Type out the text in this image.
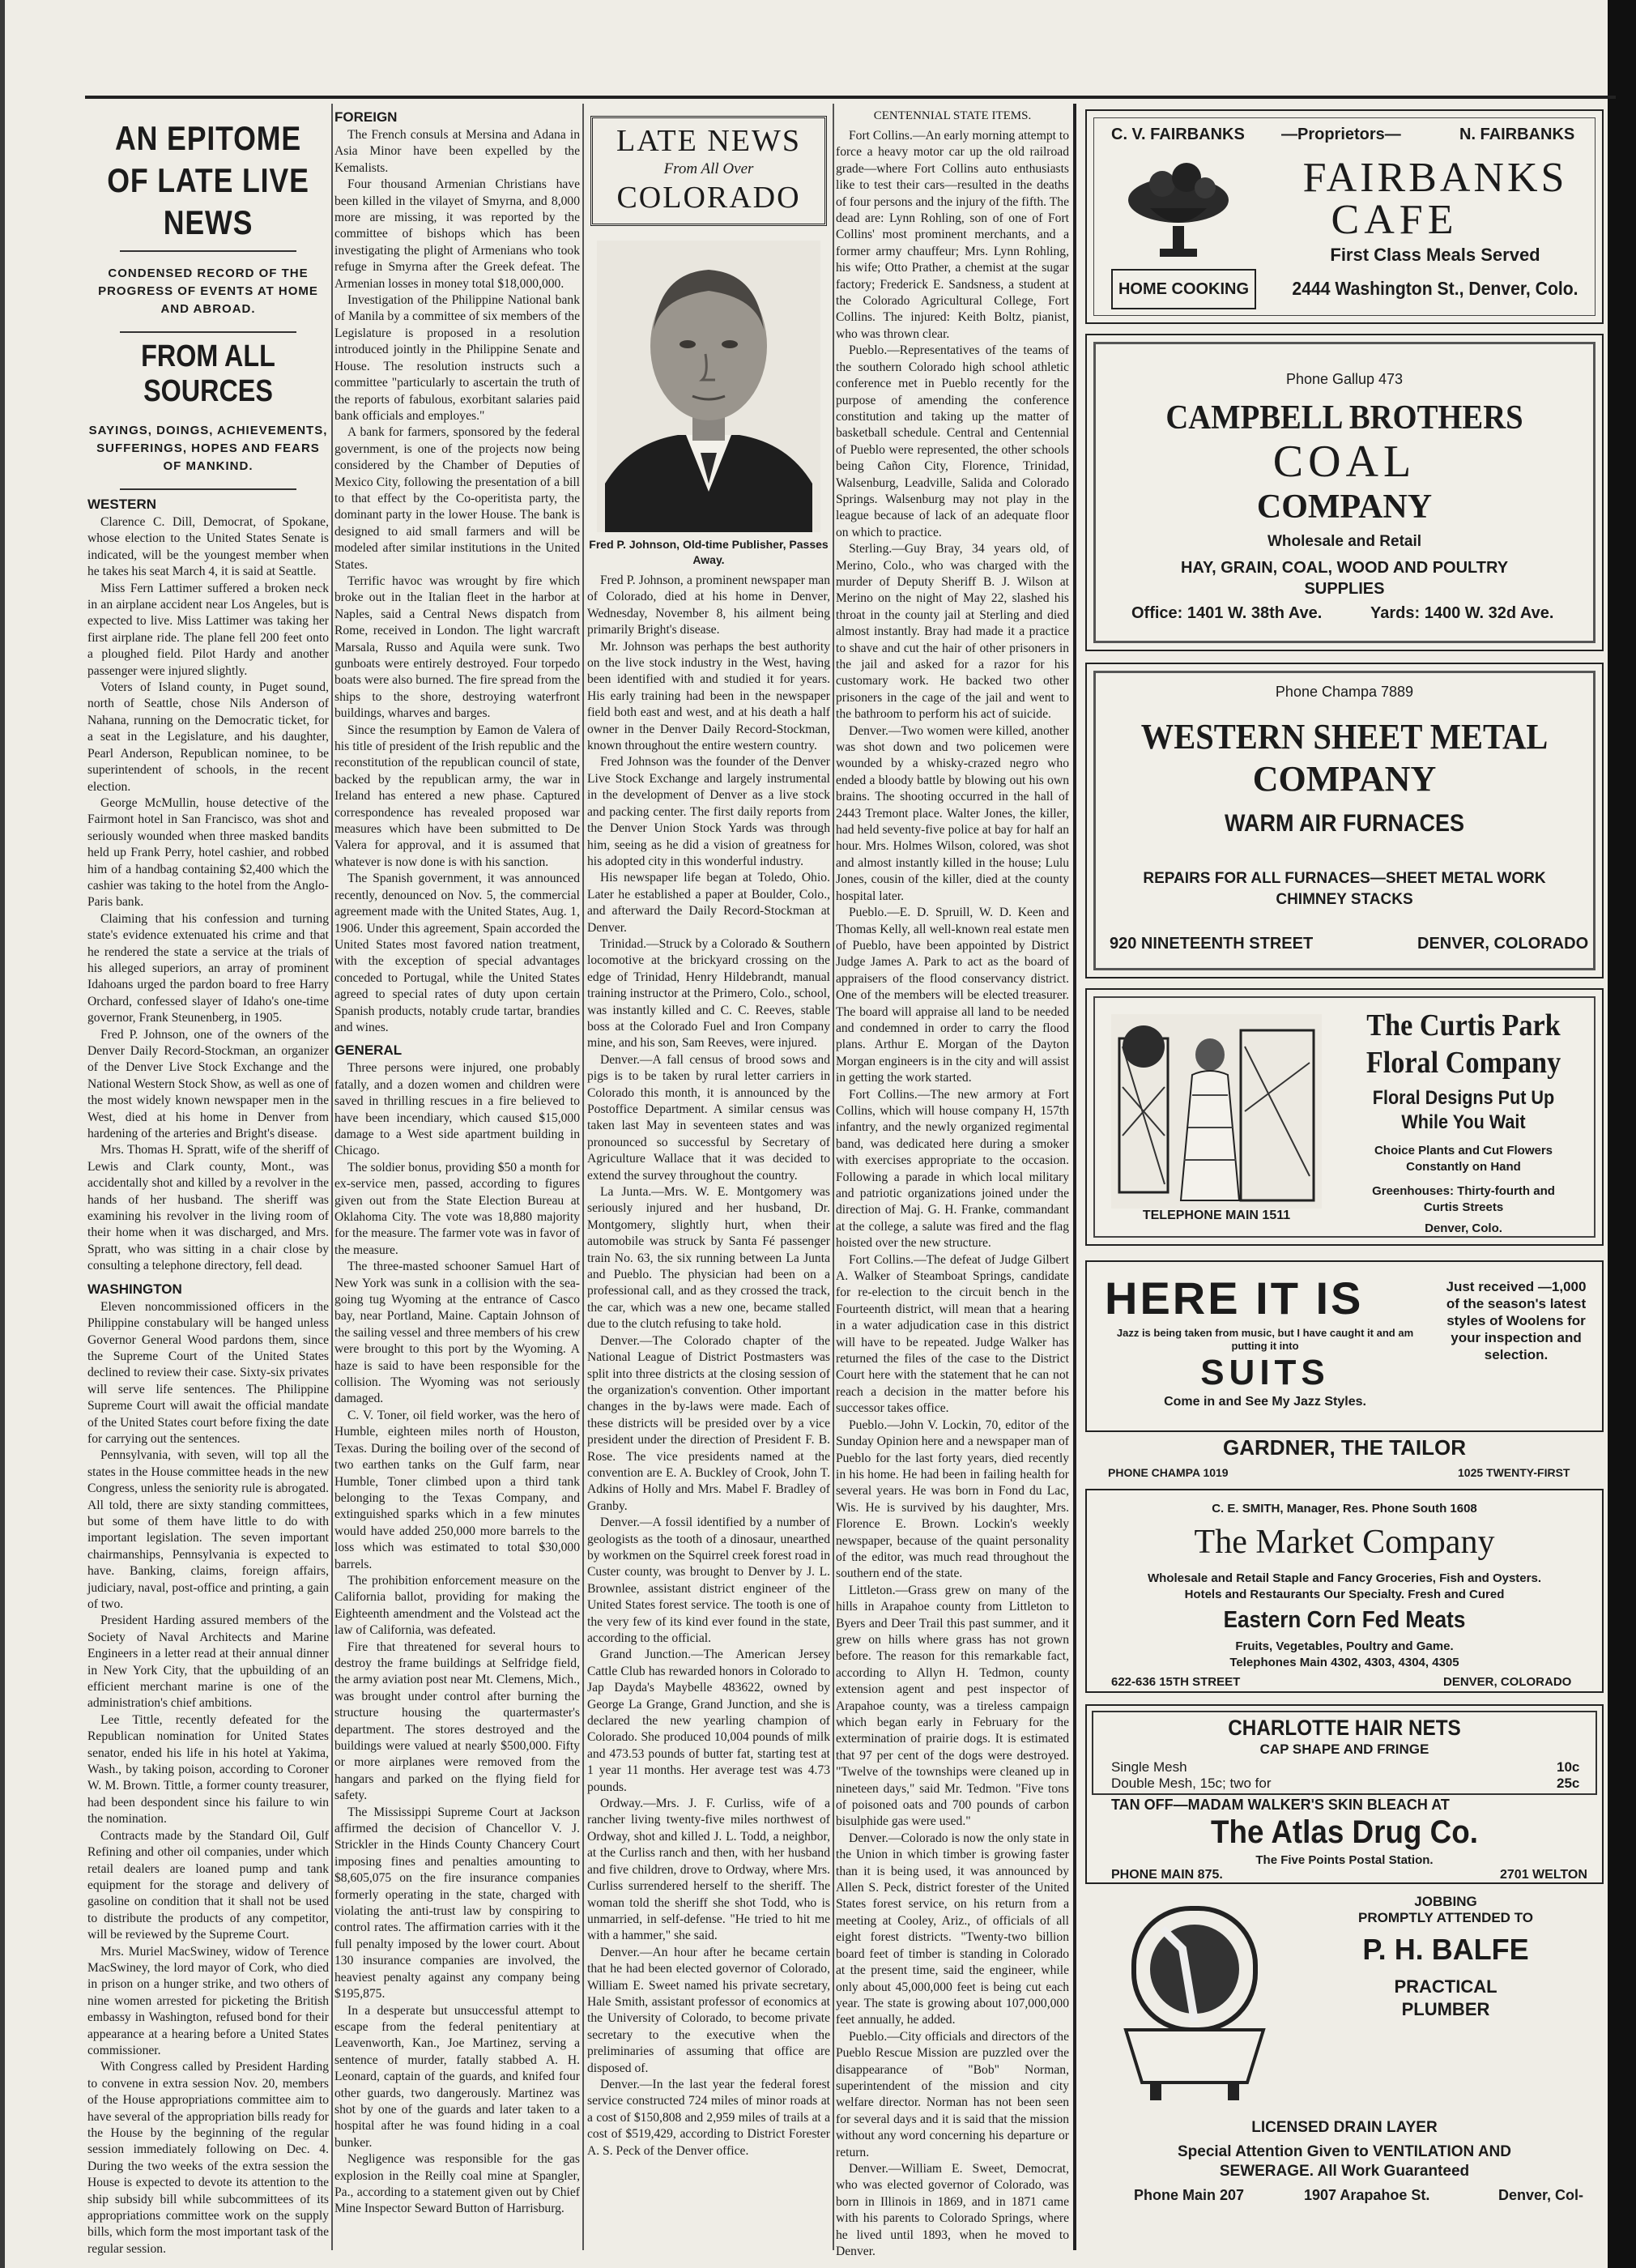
AN EPITOME OF LATE LIVE NEWS
CONDENSED RECORD OF THE PROGRESS OF EVENTS AT HOME AND ABROAD.
FROM ALL SOURCES
SAYINGS, DOINGS, ACHIEVEMENTS, SUFFERINGS, HOPES AND FEARS OF MANKIND.
WESTERN

Clarence C. Dill, Democrat, of Spokane, whose election to the United States Senate is indicated, will be the youngest member when he takes his seat March 4, it is said at Seattle.

Miss Fern Lattimer suffered a broken neck in an airplane accident near Los Angeles, but is expected to live. Miss Lattimer was taking her first airplane ride. The plane fell 200 feet onto a ploughed field. Pilot Hardy and another passenger were injured slightly.

Voters of Island county, in Puget sound, north of Seattle, chose Nils Anderson of Nahana, running on the Democratic ticket, for a seat in the Legislature, and his daughter, Pearl Anderson, Republican nominee, to be superintendent of schools, in the recent election.

George McMullin, house detective of the Fairmont hotel in San Francisco, was shot and seriously wounded when three masked bandits held up Frank Perry, hotel cashier, and robbed him of a handbag containing $2,400 which the cashier was taking to the hotel from the Anglo-Paris bank.

Claiming that his confession and turning state's evidence extenuated his crime and that he rendered the state a service at the trials of his alleged superiors, an array of prominent Idahoans urged the pardon board to free Harry Orchard, confessed slayer of Idaho's one-time governor, Frank Steunenberg, in 1905.

Fred P. Johnson, one of the owners of the Denver Daily Record-Stockman, an organizer of the Denver Live Stock Exchange and the National Western Stock Show, as well as one of the most widely known newspaper men in the West, died at his home in Denver from hardening of the arteries and Bright's disease.

Mrs. Thomas H. Spratt, wife of the sheriff of Lewis and Clark county, Mont., was accidentally shot and killed by a revolver in the hands of her husband. The sheriff was examining his revolver in the living room of their home when it was discharged, and Mrs. Spratt, who was sitting in a chair close by consulting a telephone directory, fell dead.

WASHINGTON

Eleven noncommissioned officers in the Philippine constabulary will be hanged unless Governor General Wood pardons them, since the Supreme Court of the United States declined to review their case. Sixty-six privates will serve life sentences. The Philippine Supreme Court will await the official mandate of the United States court before fixing the date for carrying out the sentences.

Pennsylvania, with seven, will top all the states in the House committee heads in the new Congress, unless the seniority rule is abrogated. All told, there are sixty standing committees, but some of them have little to do with important legislation. The seven important chairmanships, Pennsylvania is expected to have. Banking, claims, foreign affairs, judiciary, naval, post-office and printing, a gain of two.

President Harding assured members of the Society of Naval Architects and Marine Engineers in a letter read at their annual dinner in New York City, that the upbuilding of an efficient merchant marine is one of the administration's chief ambitions.

Lee Tittle, recently defeated for the Republican nomination for United States senator, ended his life in his hotel at Yakima, Wash., by taking poison, according to Coroner W. M. Brown. Tittle, a former county treasurer, had been despondent since his failure to win the nomination.

Contracts made by the Standard Oil, Gulf Refining and other oil companies, under which retail dealers are loaned pump and tank equipment for the storage and delivery of gasoline on condition that it shall not be used to distribute the products of any competitor, will be reviewed by the Supreme Court.

Mrs. Muriel MacSwiney, widow of Terence MacSwiney, the lord mayor of Cork, who died in prison on a hunger strike, and two others of nine women arrested for picketing the British embassy in Washington, refused bond for their appearance at a hearing before a United States commissioner.

With Congress called by President Harding to convene in extra session Nov. 20, members of the House appropriations committee aim to have several of the appropriation bills ready for the House by the beginning of the regular session immediately following on Dec. 4. During the two weeks of the extra session the House is expected to devote its attention to the ship subsidy bill while subcommittees of its appropriations committee work on the supply bills, which form the most important task of the regular session.

FOREIGN

The French consuls at Mersina and Adana in Asia Minor have been expelled by the Kemalists.

Four thousand Armenian Christians have been killed in the vilayet of Smyrna, and 8,000 more are missing, it was reported by the committee of bishops which has been investigating the plight of Armenians who took refuge in Smyrna after the Greek defeat. The Armenian losses in money total $18,000,000.

Investigation of the Philippine National bank of Manila by a committee of six members of the Legislature is proposed in a resolution introduced jointly in the Philippine Senate and House. The resolution instructs such a committee "particularly to ascertain the truth of the reports of fabulous, exorbitant salaries paid bank officials and employes."

A bank for farmers, sponsored by the federal government, is one of the projects now being considered by the Chamber of Deputies of Mexico City, following the presentation of a bill to that effect by the Co-operitista party, the dominant party in the lower House. The bank is designed to aid small farmers and will be modeled after similar institutions in the United States.

Terrific havoc was wrought by fire which broke out in the Italian fleet in the harbor at Naples, said a Central News dispatch from Rome, received in London. The light warcraft Marsala, Russo and Aquila were sunk. Two gunboats were entirely destroyed. Four torpedo boats were also burned. The fire spread from the ships to the shore, destroying waterfront buildings, wharves and barges.

Since the resumption by Eamon de Valera of his title of president of the Irish republic and the reconstitution of the republican council of state, backed by the republican army, the war in Ireland has entered a new phase. Captured correspondence has revealed proposed war measures which have been submitted to De Valera for approval, and it is assumed that whatever is now done is with his sanction.

The Spanish government, it was announced recently, denounced on Nov. 5, the commercial agreement made with the United States, Aug. 1, 1906. Under this agreement, Spain accorded the United States most favored nation treatment, with the exception of special advantages conceded to Portugal, while the United States agreed to special rates of duty upon certain Spanish products, notably crude tartar, brandies and wines.

GENERAL

Three persons were injured, one probably fatally, and a dozen women and children were saved in thrilling rescues in a fire believed to have been incendiary, which caused $15,000 damage to a West side apartment building in Chicago.

The soldier bonus, providing $50 a month for ex-service men, passed, according to figures given out from the State Election Bureau at Oklahoma City. The vote was 18,880 majority for the measure. The farmer vote was in favor of the measure.

The three-masted schooner Samuel Hart of New York was sunk in a collision with the sea-going tug Wyoming at the entrance of Casco bay, near Portland, Maine. Captain Johnson of the sailing vessel and three members of his crew were brought to this port by the Wyoming. A haze is said to have been responsible for the collision. The Wyoming was not seriously damaged.

C. V. Toner, oil field worker, was the hero of Humble, eighteen miles north of Houston, Texas. During the boiling over of the second of two earthen tanks on the Gulf farm, near Humble, Toner climbed upon a third tank belonging to the Texas Company, and extinguished sparks which in a few minutes would have added 250,000 more barrels to the loss which was estimated to total $30,000 barrels.

The prohibition enforcement measure on the California ballot, providing for making the Eighteenth amendment and the Volstead act the law of California, was defeated.

Fire that threatened for several hours to destroy the frame buildings at Selfridge field, the army aviation post near Mt. Clemens, Mich., was brought under control after burning the structure housing the quartermaster's department. The stores destroyed and the buildings were valued at nearly $500,000. Fifty or more airplanes were removed from the hangars and parked on the flying field for safety.

The Mississippi Supreme Court at Jackson affirmed the decision of Chancellor V. J. Strickler in the Hinds County Chancery Court imposing fines and penalties amounting to $8,605,075 on the fire insurance companies formerly operating in the state, charged with violating the anti-trust law by conspiring to control rates. The affirmation carries with it the full penalty imposed by the lower court. About 130 insurance companies are involved, the heaviest penalty against any company being $195,875.

In a desperate but unsuccessful attempt to escape from the federal penitentiary at Leavenworth, Kan., Joe Martinez, serving a sentence of murder, fatally stabbed A. H. Leonard, captain of the guards, and knifed four other guards, two dangerously. Martinez was shot by one of the guards and later taken to a hospital after he was found hiding in a coal bunker.

Negligence was responsible for the gas explosion in the Reilly coal mine at Spangler, Pa., according to a statement given out by Chief Mine Inspector Seward Button of Harrisburg.

LATE NEWS
From All Over
COLORADO
Fred P. Johnson, Old-time Publisher, Passes Away.

Fred P. Johnson, a prominent newspaper man of Colorado, died at his home in Denver, Wednesday, November 8, his ailment being primarily Bright's disease.

Mr. Johnson was perhaps the best authority on the live stock industry in the West, having been identified with and studied it for years. His early training had been in the newspaper field both east and west, and at his death a half owner in the Denver Daily Record-Stockman, known throughout the entire western country.

Fred Johnson was the founder of the Denver Live Stock Exchange and largely instrumental in the development of Denver as a live stock and packing center. The first daily reports from the Denver Union Stock Yards was through him, seeing as he did a vision of greatness for his adopted city in this wonderful industry.

His newspaper life began at Toledo, Ohio. Later he established a paper at Boulder, Colo., and afterward the Daily Record-Stockman at Denver.

Trinidad.—Struck by a Colorado & Southern locomotive at the brickyard crossing on the edge of Trinidad, Henry Hildebrandt, manual training instructor at the Primero, Colo., school, was instantly killed and C. C. Reeves, stable boss at the Colorado Fuel and Iron Company mine, and his son, Sam Reeves, were injured.

Denver.—A fall census of brood sows and pigs is to be taken by rural letter carriers in Colorado this month, it is announced by the Postoffice Department. A similar census was taken last May in seventeen states and was pronounced so successful by Secretary of Agriculture Wallace that it was decided to extend the survey throughout the country.

La Junta.—Mrs. W. E. Montgomery was seriously injured and her husband, Dr. Montgomery, slightly hurt, when their automobile was struck by Santa Fé passenger train No. 63, the six running between La Junta and Pueblo. The physician had been on a professional call, and as they crossed the track, the car, which was a new one, became stalled due to the clutch refusing to take hold.

Denver.—The Colorado chapter of the National League of District Postmasters was split into three districts at the closing session of the organization's convention. Other important changes in the by-laws were made. Each of these districts will be presided over by a vice president under the direction of President F. B. Rose. The vice presidents named at the convention are E. A. Buckley of Crook, John T. Adkins of Holly and Mrs. Mabel F. Bradley of Granby.

Denver.—A fossil identified by a number of geologists as the tooth of a dinosaur, unearthed by workmen on the Squirrel creek forest road in Custer county, was brought to Denver by J. L. Brownlee, assistant district engineer of the United States forest service. The tooth is one of the very few of its kind ever found in the state, according to the official.

Grand Junction.—The American Jersey Cattle Club has rewarded honors in Colorado to Jap Dayda's Maybelle 483622, owned by George La Grange, Grand Junction, and she is declared the new yearling champion of Colorado. She produced 10,004 pounds of milk and 473.53 pounds of butter fat, starting test at 1 year 11 months. Her average test was 4.73 pounds.

Ordway.—Mrs. J. F. Curliss, wife of a rancher living twenty-five miles northwest of Ordway, shot and killed J. L. Todd, a neighbor, at the Curliss ranch and then, with her husband and five children, drove to Ordway, where Mrs. Curliss surrendered herself to the sheriff. The woman told the sheriff she shot Todd, who is unmarried, in self-defense. "He tried to hit me with a hammer," she said.

Denver.—An hour after he became certain that he had been elected governor of Colorado, William E. Sweet named his private secretary, Hale Smith, assistant professor of economics at the University of Colorado, to become private secretary to the executive when the preliminaries of assuming that office are disposed of.

Denver.—In the last year the federal forest service constructed 724 miles of minor roads at a cost of $150,808 and 2,959 miles of trails at a cost of $519,429, according to District Forester A. S. Peck of the Denver office.

CENTENNIAL STATE ITEMS.

Fort Collins.—An early morning attempt to force a heavy motor car up the old railroad grade—where Fort Collins auto enthusiasts like to test their cars—resulted in the deaths of four persons and the injury of the fifth. The dead are: Lynn Rohling, son of one of Fort Collins' most prominent merchants, and a former army chauffeur; Mrs. Lynn Rohling, his wife; Otto Prather, a chemist at the sugar factory; Frederick E. Sandsness, a student at the Colorado Agricultural College, Fort Collins. The injured: Keith Boltz, pianist, who was thrown clear.

Pueblo.—Representatives of the teams of the southern Colorado high school athletic conference met in Pueblo recently for the purpose of amending the conference constitution and taking up the matter of basketball schedule. Central and Centennial of Pueblo were represented, the other schools being Cañon City, Florence, Trinidad, Walsenburg, Leadville, Salida and Colorado Springs. Walsenburg may not play in the league because of lack of an adequate floor on which to practice.

Sterling.—Guy Bray, 34 years old, of Merino, Colo., who was charged with the murder of Deputy Sheriff B. J. Wilson at Merino on the night of May 22, slashed his throat in the county jail at Sterling and died almost instantly. Bray had made it a practice to shave and cut the hair of other prisoners in the jail and asked for a razor for his customary work. He backed two other prisoners in the cage of the jail and went to the bathroom to perform his act of suicide.

Denver.—Two women were killed, another was shot down and two policemen were wounded by a whisky-crazed negro who ended a bloody battle by blowing out his own brains. The shooting occurred in the hall of 2443 Tremont place. Walter Jones, the killer, had held seventy-five police at bay for half an hour. Mrs. Holmes Wilson, colored, was shot and almost instantly killed in the house; Lulu Jones, cousin of the killer, died at the county hospital later.

Pueblo.—E. D. Spruill, W. D. Keen and Thomas Kelly, all well-known real estate men of Pueblo, have been appointed by District Judge James A. Park to act as the board of appraisers of the flood conservancy district. One of the members will be elected treasurer. The board will appraise all land to be needed and condemned in order to carry the flood plans. Arthur E. Morgan of the Dayton Morgan engineers is in the city and will assist in getting the work started.

Fort Collins.—The new armory at Fort Collins, which will house company H, 157th infantry, and the newly organized regimental band, was dedicated here during a smoker with exercises appropriate to the occasion. Following a parade in which local military and patriotic organizations joined under the direction of Maj. G. H. Franke, commandant at the college, a salute was fired and the flag hoisted over the new structure.

Fort Collins.—The defeat of Judge Gilbert A. Walker of Steamboat Springs, candidate for re-election to the circuit bench in the Fourteenth district, will mean that a hearing in a water adjudication case in this district will have to be repeated. Judge Walker has returned the files of the case to the District Court here with the statement that he can not reach a decision in the matter before his successor takes office.

Pueblo.—John V. Lockin, 70, editor of the Sunday Opinion here and a newspaper man of Pueblo for the last forty years, died recently in his home. He had been in failing health for several years. He was born in Fond du Lac, Wis. He is survived by his daughter, Mrs. Florence E. Brown. Lockin's weekly newspaper, because of the quaint personality of the editor, was much read throughout the southern end of the state.

Littleton.—Grass grew on many of the hills in Arapahoe county from Littleton to Byers and Deer Trail this past summer, and it grew on hills where grass has not grown before. The reason for this remarkable fact, according to Allyn H. Tedmon, county extension agent and pest inspector of Arapahoe county, was a tireless campaign which began early in February for the extermination of prairie dogs. It is estimated that 97 per cent of the dogs were destroyed. "Twelve of the townships were cleaned up in nineteen days," said Mr. Tedmon. "Five tons of poisoned oats and 700 pounds of carbon bisulphide gas were used."

Denver.—Colorado is now the only state in the Union in which timber is growing faster than it is being used, it was announced by Allen S. Peck, district forester of the United States forest service, on his return from a meeting at Cooley, Ariz., of officials of all eight forest districts. "Twenty-two billion board feet of timber is standing in Colorado at the present time, said the engineer, while only about 45,000,000 feet is being cut each year. The state is growing about 107,000,000 feet annually, he added.

Pueblo.—City officials and directors of the Pueblo Rescue Mission are puzzled over the disappearance of "Bob" Norman, superintendent of the mission and city welfare director. Norman has not been seen for several days and it is said that the mission without any word concerning his departure or return.

Denver.—William E. Sweet, Democrat, who was elected governor of Colorado, was born in Illinois in 1869, and in 1871 came with his parents to Colorado Springs, where he lived until 1893, when he moved to Denver.

C. V. FAIRBANKS —Proprietors—	N. FAIRBANKS
HOME COOKING
FAIRBANKS
CAFE
First Class Meals Served
2444 Washington St., Denver, Colo.
Phone Gallup 473
CAMPBELL BROTHERS
COAL
COMPANY
Wholesale and Retail
HAY, GRAIN, COAL, WOOD AND POULTRY
SUPPLIES
Office: 1401 W. 38th Ave.	Yards: 1400 W. 32d Ave.
Phone Champa 7889
WESTERN SHEET METAL
COMPANY
WARM AIR FURNACES
REPAIRS FOR ALL FURNACES—SHEET METAL WORK
CHIMNEY STACKS
920 NINETEENTH STREET	DENVER, COLORADO
TELEPHONE MAIN 1511
The Curtis Park
Floral Company
Floral Designs Put Up
While You Wait
Choice Plants and Cut Flowers
Constantly on Hand
Greenhouses: Thirty-fourth and
Curtis Streets
Denver, Colo.
HERE IT IS
Jazz is being taken from music, but I have caught it and am putting it into
SUITS
Come in and See My Jazz Styles.
Just received —1,000 of the season's latest styles of Woolens for your inspection and selection.
GARDNER, THE TAILOR
PHONE CHAMPA 1019	1025 TWENTY-FIRST
C. E. SMITH, Manager, Res. Phone South 1608
The Market Company
Wholesale and Retail Staple and Fancy Groceries, Fish and Oysters.
Hotels and Restaurants Our Specialty. Fresh and Cured
Eastern Corn Fed Meats
Fruits, Vegetables, Poultry and Game.
Telephones Main 4302, 4303, 4304, 4305
622-636 15TH STREET	DENVER, COLORADO
CHARLOTTE HAIR NETS
CAP SHAPE AND FRINGE
Single Mesh	10c
Double Mesh, 15c; two for	25c
TAN OFF—MADAM WALKER'S SKIN BLEACH AT
The Atlas Drug Co.
The Five Points Postal Station.
PHONE MAIN 875.	2701 WELTON
JOBBING
PROMPTLY ATTENDED TO
P. H. BALFE
PRACTICAL
PLUMBER
LICENSED DRAIN LAYER
Special Attention Given to VENTILATION AND
SEWERAGE. All Work Guaranteed
Phone Main 207	1907 Arapahoe St.	Denver, Col-
